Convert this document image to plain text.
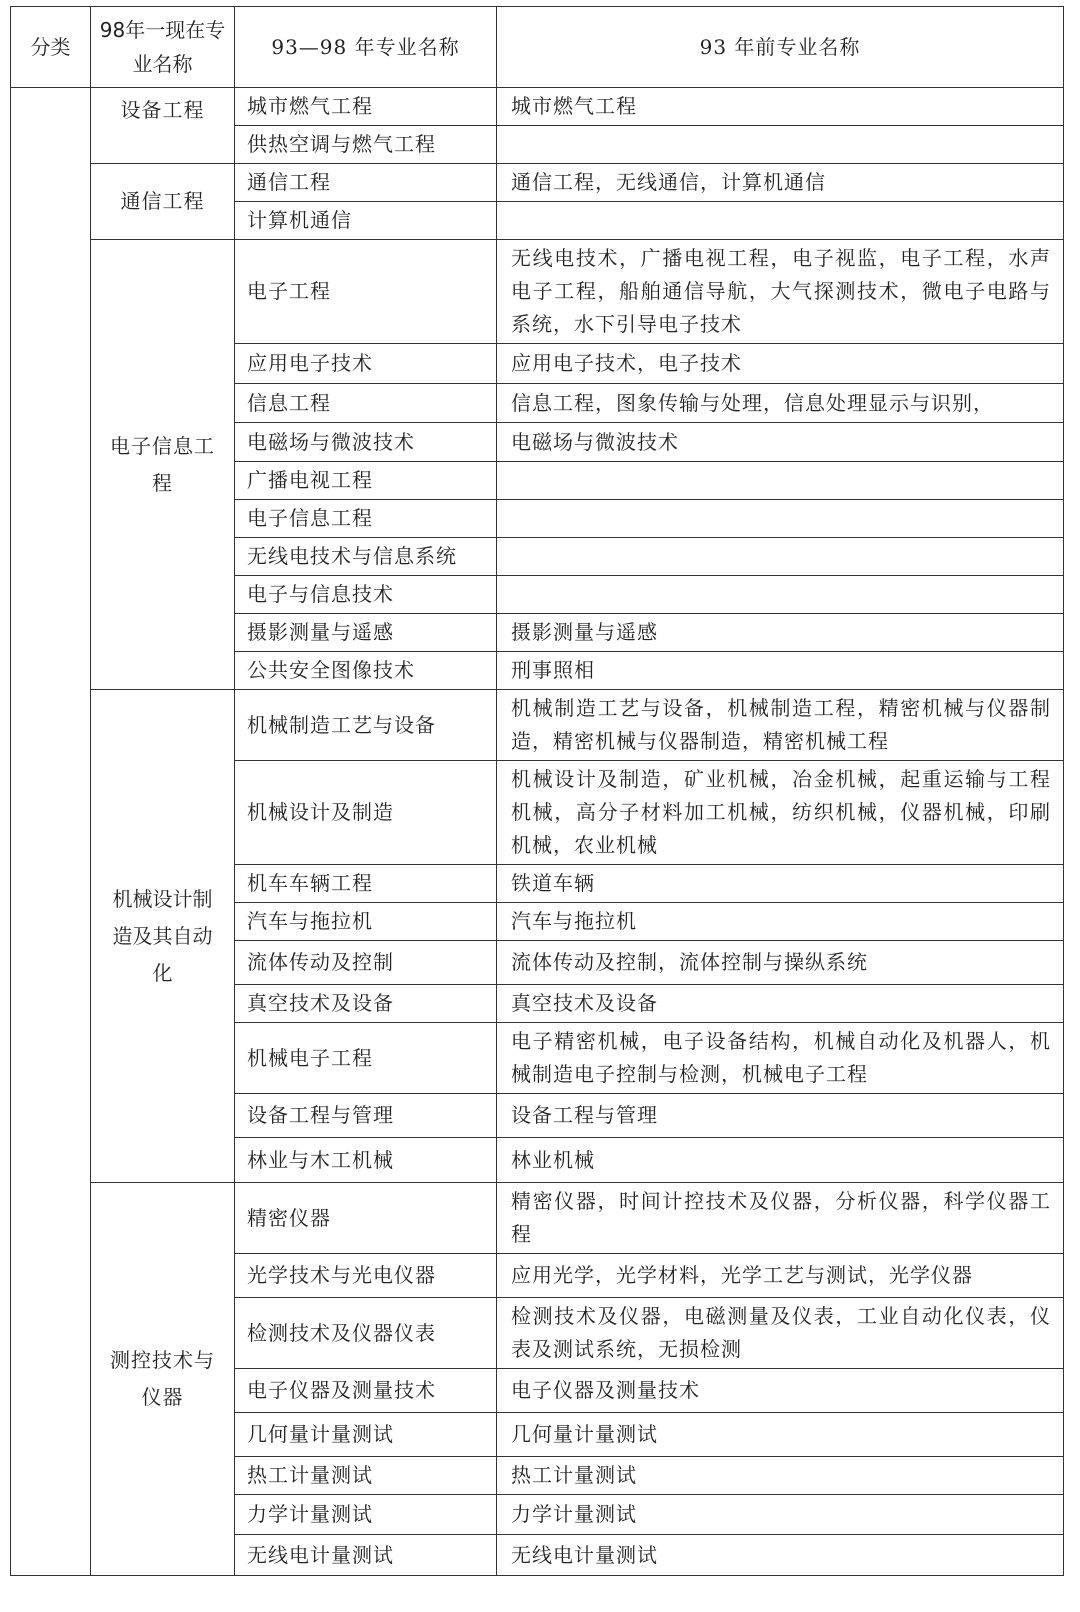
分类	98年一现在专业名称	93—98 年专业名称	93 年前专业名称
	设备工程	城市燃气工程	城市燃气工程
		供热空调与燃气工程	
	通信工程	通信工程	通信工程，无线通信，计算机通信
		计算机通信	
	电子信息工程	电子工程	无线电技术，广播电视工程，电子视监，电子工程，水声电子工程，船舶通信导航，大气探测技术，微电子电路与系统，水下引导电子技术
		应用电子技术	应用电子技术，电子技术
		信息工程	信息工程，图象传输与处理，信息处理显示与识别，
		电磁场与微波技术	电磁场与微波技术
		广播电视工程	
		电子信息工程	
		无线电技术与信息系统	
		电子与信息技术	
		摄影测量与遥感	摄影测量与遥感
		公共安全图像技术	刑事照相
	机械设计制造及其自动化	机械制造工艺与设备	机械制造工艺与设备，机械制造工程，精密机械与仪器制造，精密机械与仪器制造，精密机械工程
		机械设计及制造	机械设计及制造，矿业机械，冶金机械，起重运输与工程机械，高分子材料加工机械，纺织机械，仪器机械，印刷机械，农业机械
		机车车辆工程	铁道车辆
		汽车与拖拉机	汽车与拖拉机
		流体传动及控制	流体传动及控制，流体控制与操纵系统
		真空技术及设备	真空技术及设备
		机械电子工程	电子精密机械，电子设备结构，机械自动化及机器人，机械制造电子控制与检测，机械电子工程
		设备工程与管理	设备工程与管理
		林业与木工机械	林业机械
	测控技术与仪器	精密仪器	精密仪器，时间计控技术及仪器，分析仪器，科学仪器工程
		光学技术与光电仪器	应用光学，光学材料，光学工艺与测试，光学仪器
		检测技术及仪器仪表	检测技术及仪器，电磁测量及仪表，工业自动化仪表，仪表及测试系统，无损检测
		电子仪器及测量技术	电子仪器及测量技术
		几何量计量测试	几何量计量测试
		热工计量测试	热工计量测试
		力学计量测试	力学计量测试
		无线电计量测试	无线电计量测试
